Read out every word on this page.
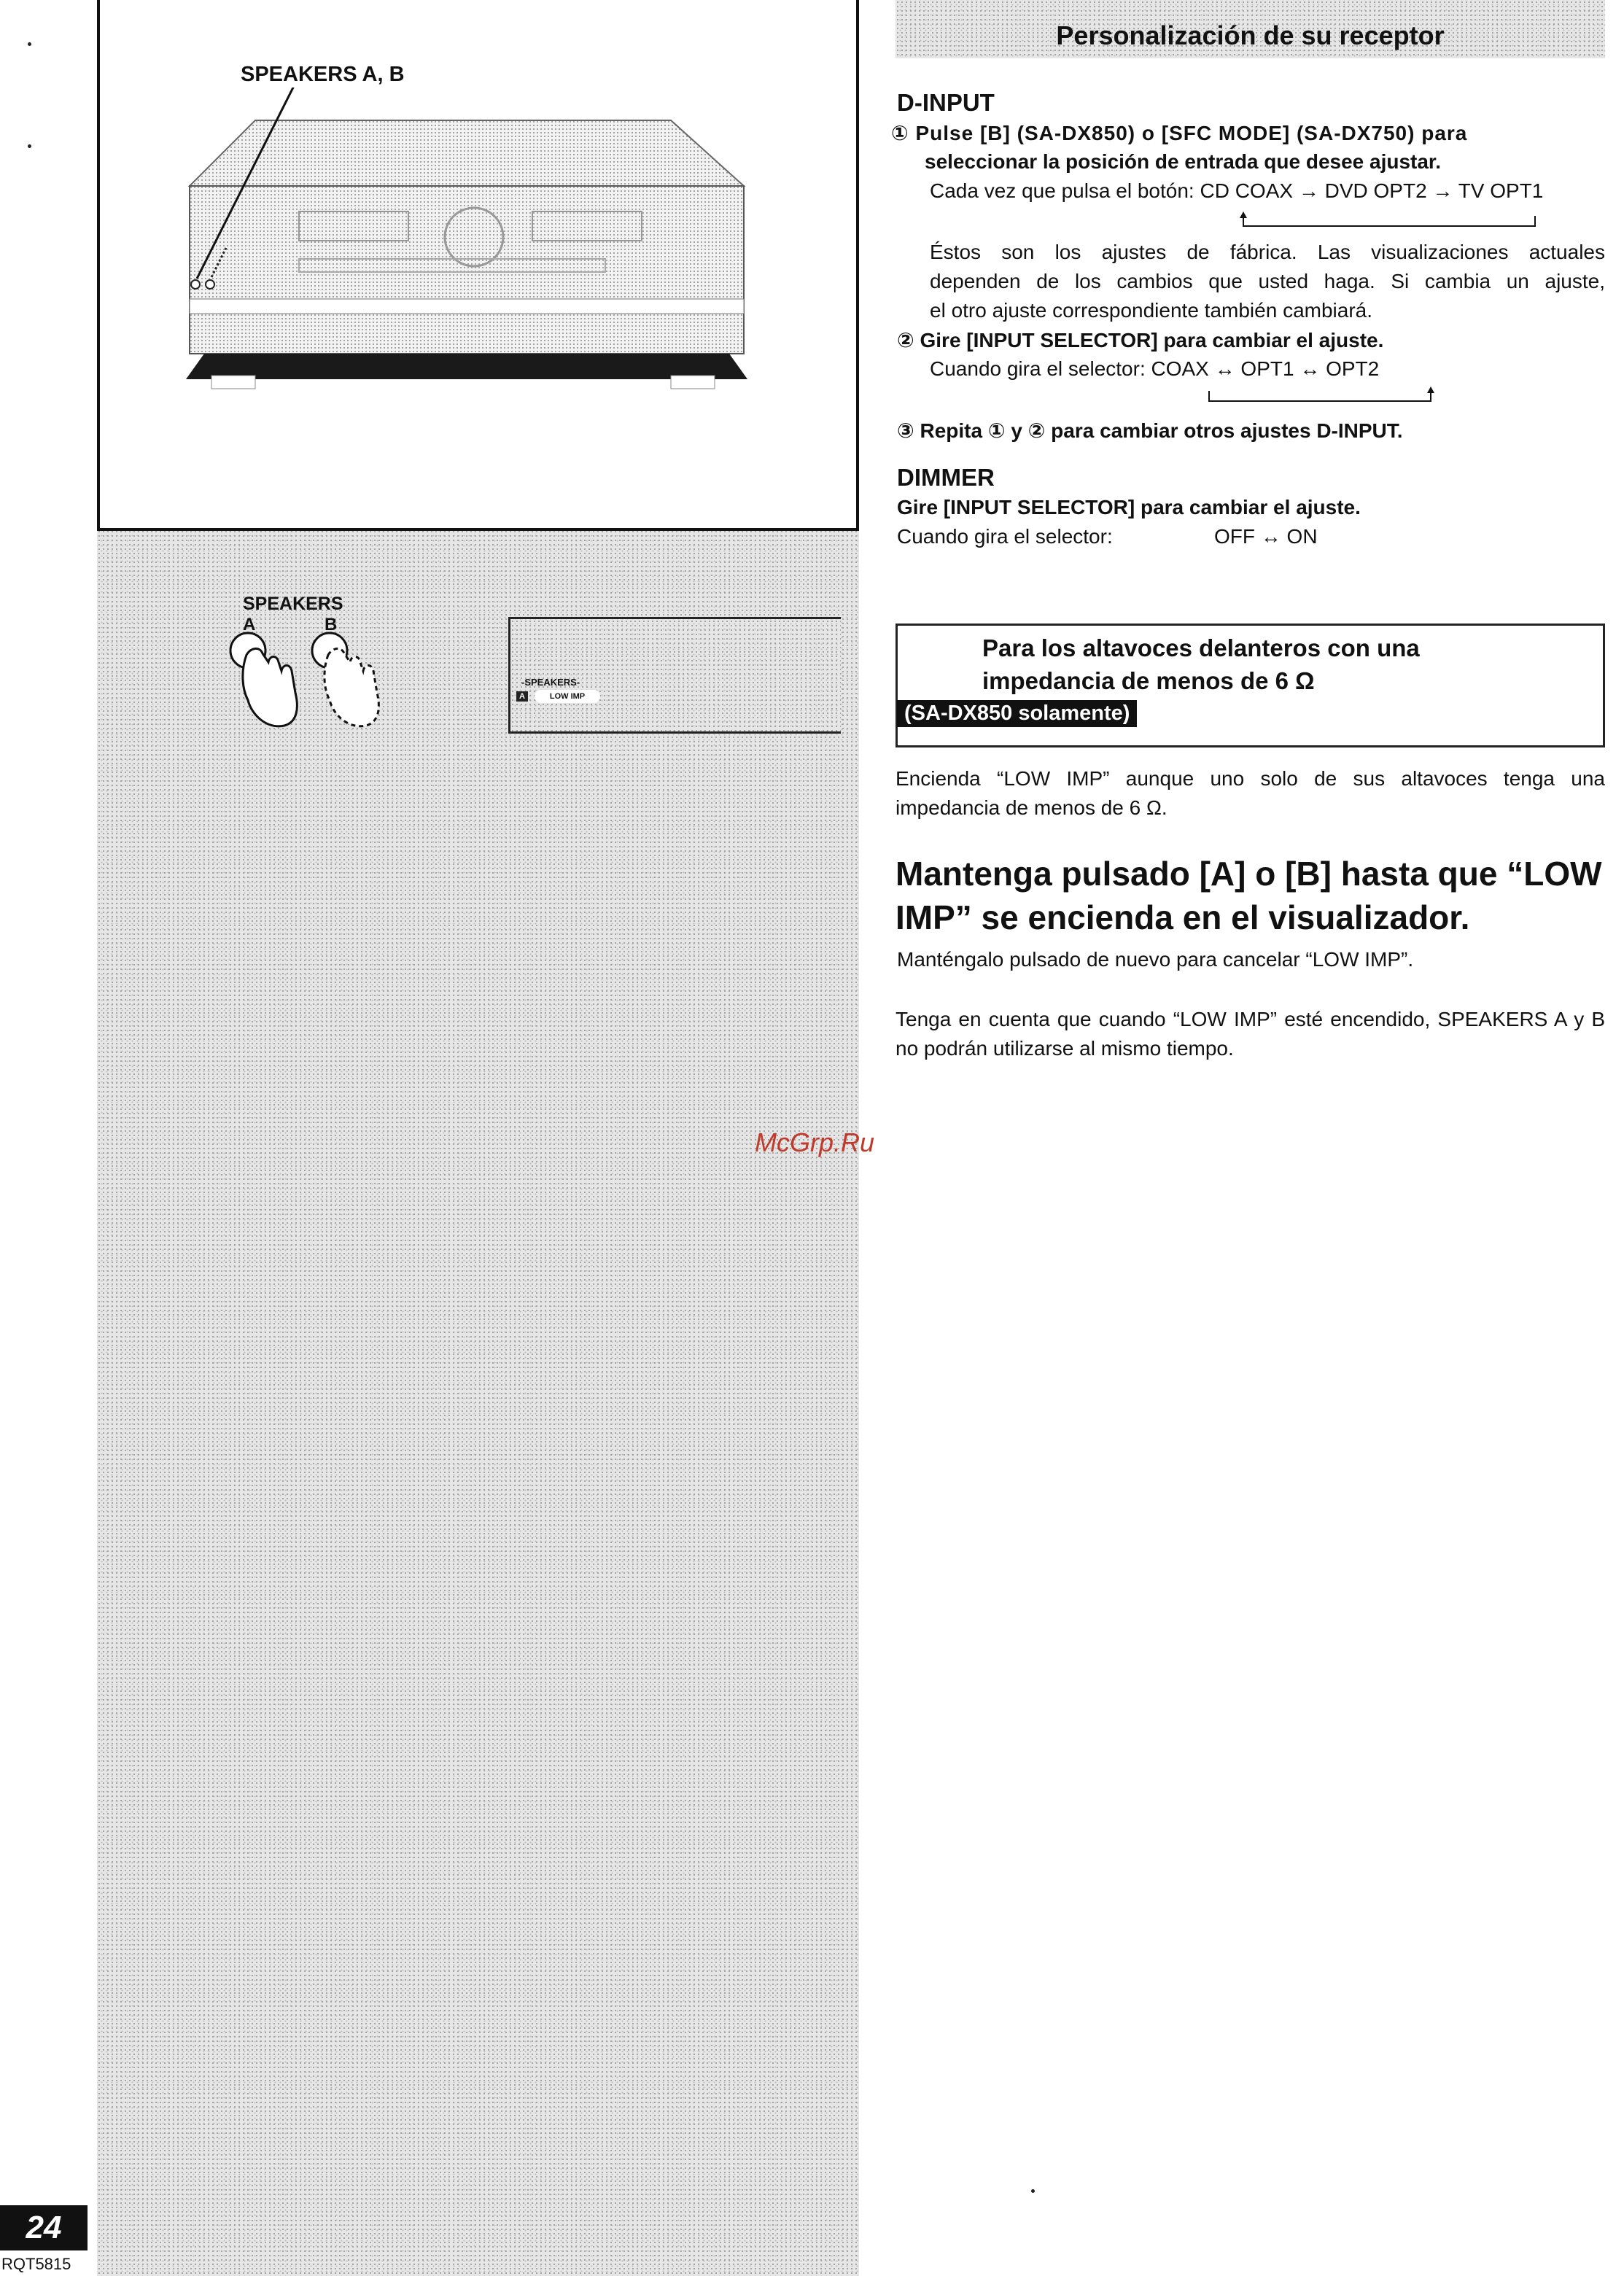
SPEAKERS A, B
SPEAKERS
A	B
-SPEAKERS-
A	LOW IMP
Personalización de su receptor
D-INPUT
① Pulse [B] (SA-DX850) o [SFC MODE] (SA-DX750) para
seleccionar la posición de entrada que desee ajustar.
Cada vez que pulsa el botón: CD COAX → DVD OPT2 → TV OPT1
Éstos son los ajustes de fábrica. Las visualizaciones actuales
dependen de los cambios que usted haga. Si cambia un ajuste,
el otro ajuste correspondiente también cambiará.
② Gire [INPUT SELECTOR] para cambiar el ajuste.
Cuando gira el selector: COAX ↔ OPT1 ↔ OPT2
③ Repita ① y ② para cambiar otros ajustes D-INPUT.
DIMMER
Gire [INPUT SELECTOR] para cambiar el ajuste.
Cuando gira el selector:	OFF ↔ ON
Para los altavoces delanteros con una impedancia de menos de 6 Ω
(SA-DX850 solamente)
Encienda “LOW IMP” aunque uno solo de sus altavoces tenga una impedancia de menos de 6 Ω.
Mantenga pulsado [A] o [B] hasta que “LOW IMP” se encienda en el visualizador.
Manténgalo pulsado de nuevo para cancelar “LOW IMP”.
Tenga en cuenta que cuando “LOW IMP” esté encendido, SPEAKERS A y B no podrán utilizarse al mismo tiempo.
McGrp.Ru
24
RQT5815
